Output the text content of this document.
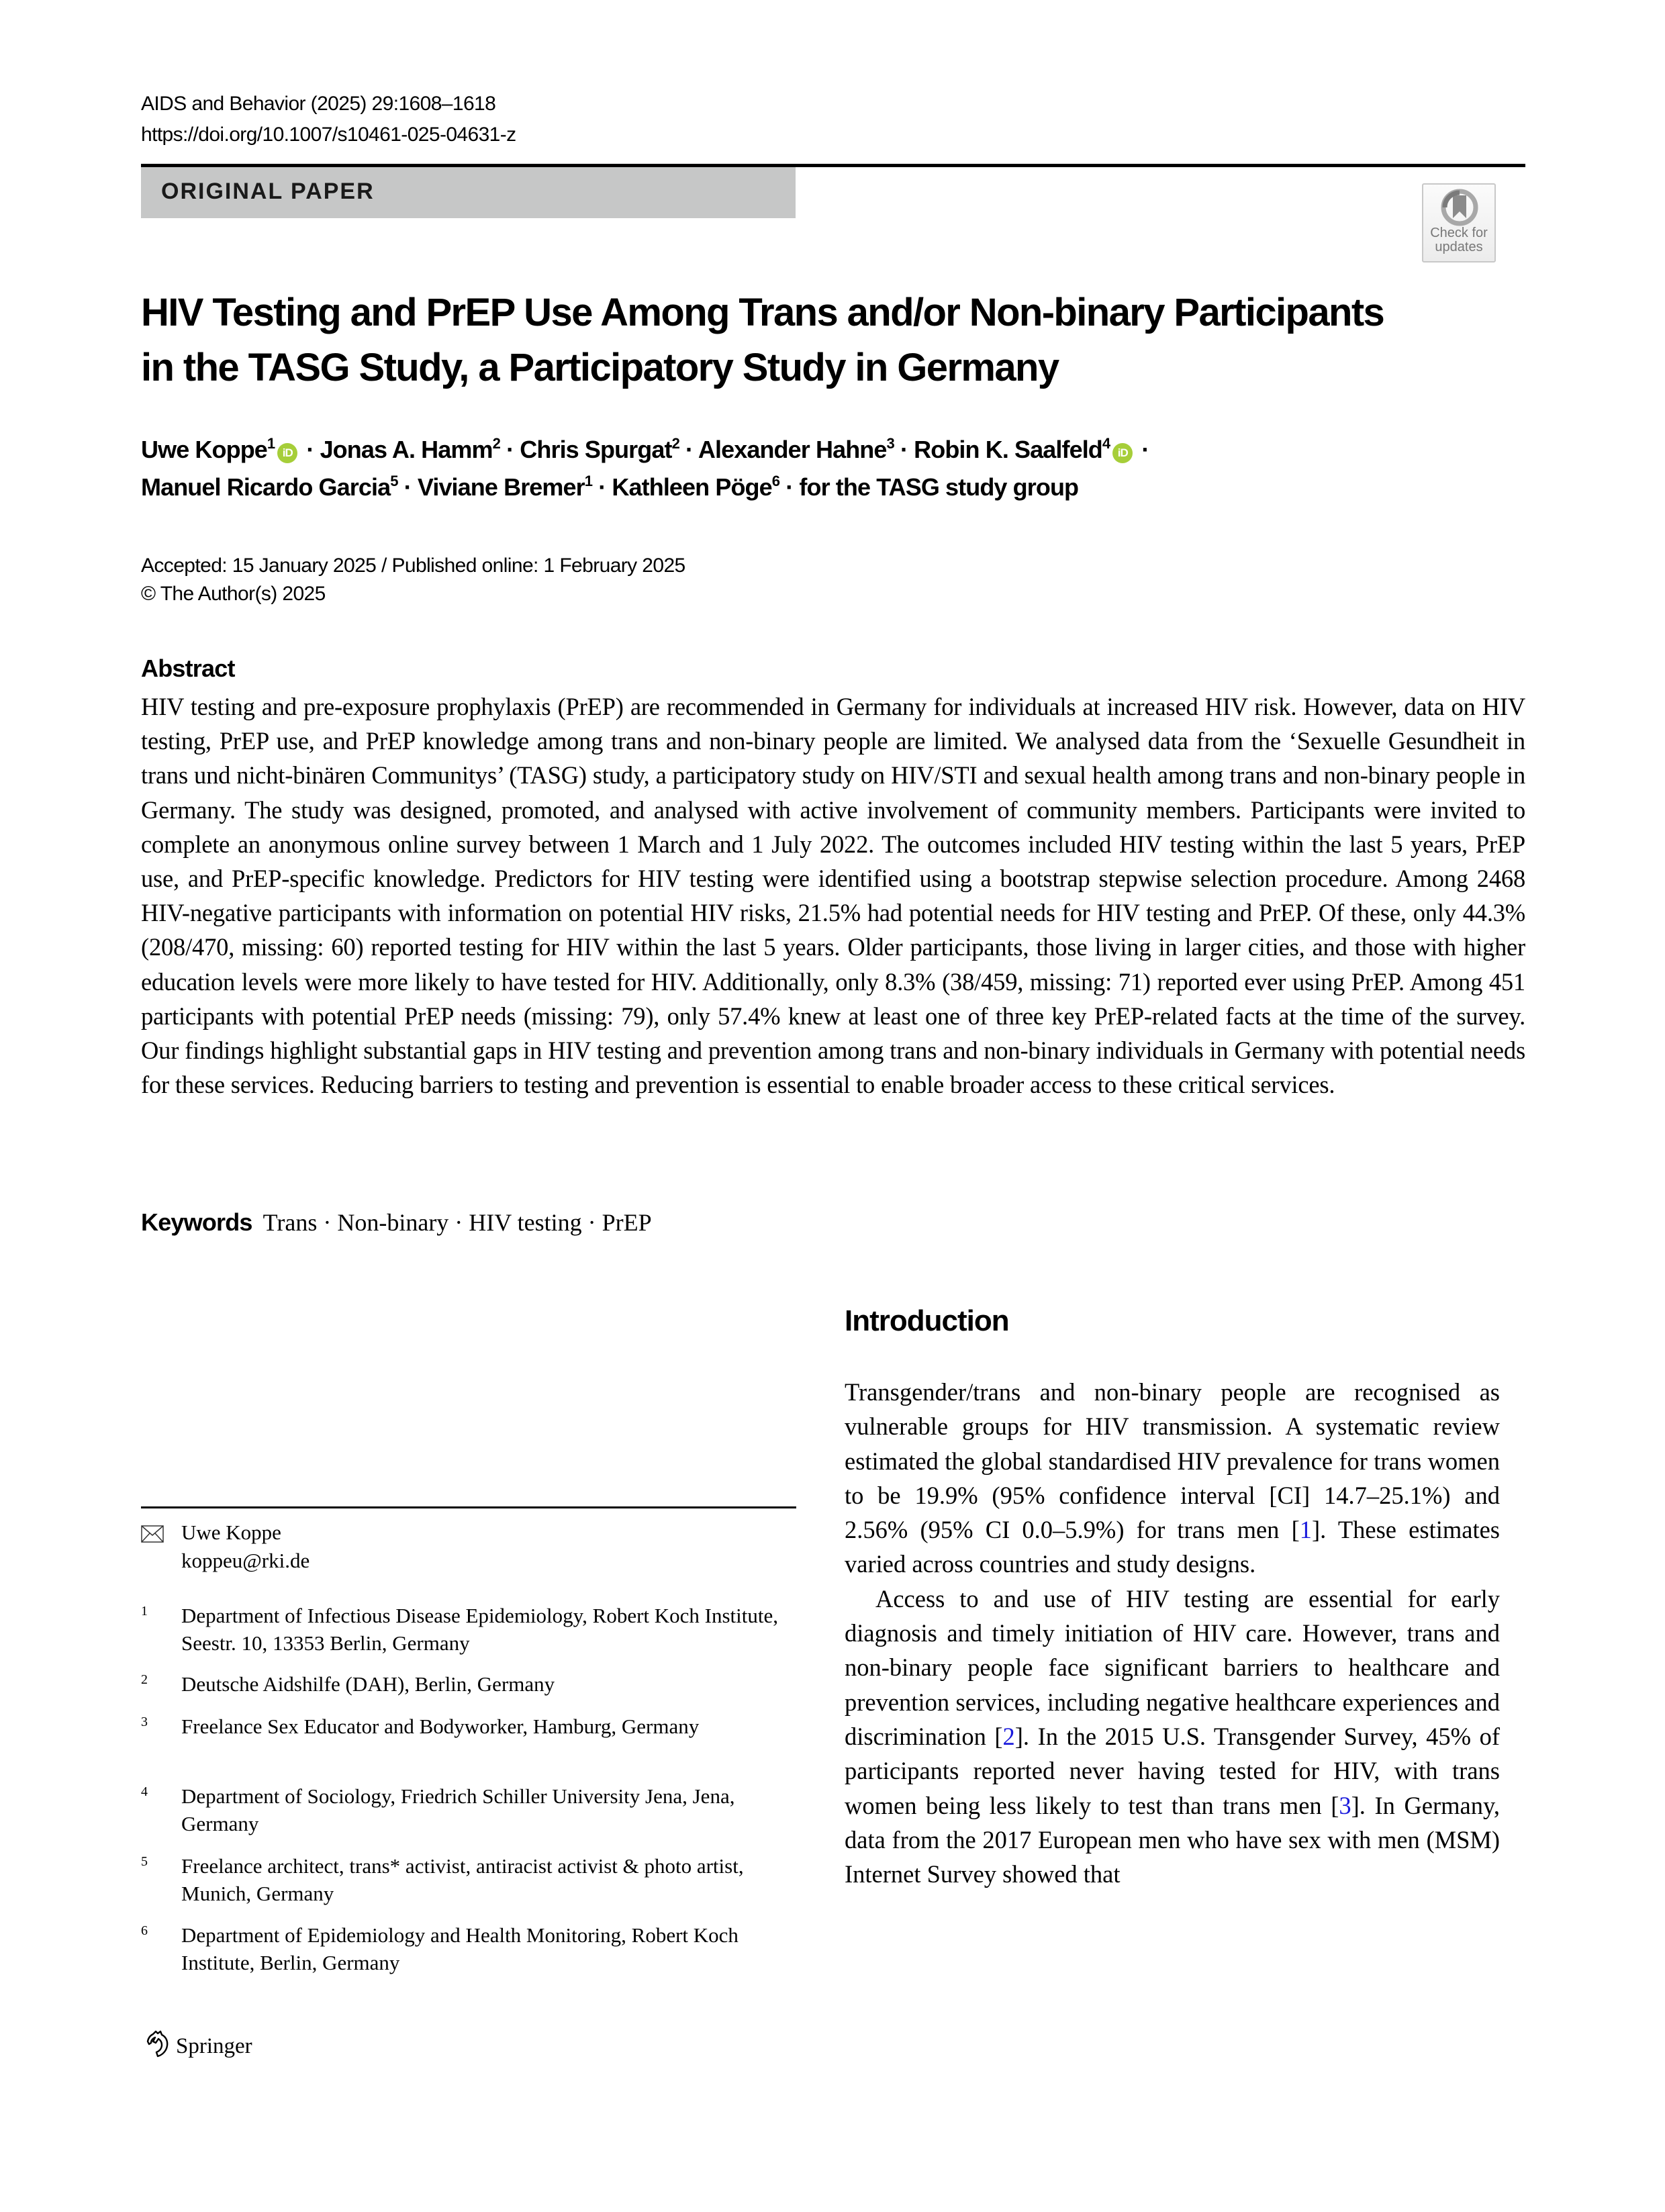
AIDS and Behavior (2025) 29:1608–1618
https://doi.org/10.1007/s10461-025-04631-z
ORIGINAL PAPER
Check for
updates
HIV Testing and PrEP Use Among Trans and/or Non-binary Participants
in the TASG Study, a Participatory Study in Germany
Uwe Koppe$^1$iD · Jonas A. Hamm$^2$ · Chris Spurgat$^2$ · Alexander Hahne$^3$ · Robin K. Saalfeld$^4$iD ·
Manuel Ricardo Garcia$^5$ · Viviane Bremer$^1$ · Kathleen Pöge$^6$ · for the TASG study group
Accepted: 15 January 2025 / Published online: 1 February 2025
© The Author(s) 2025
Abstract
HIV testing and pre-exposure prophylaxis (PrEP) are recommended in Germany for individuals at increased HIV risk. However, data on HIV testing, PrEP use, and PrEP knowledge among trans and non-binary people are limited. We analysed data from the ‘Sexuelle Gesundheit in trans und nicht-binären Communitys’ (TASG) study, a participatory study on HIV/STI and sexual health among trans and non-binary people in Germany. The study was designed, promoted, and analysed with active involvement of community members. Participants were invited to complete an anonymous online survey between 1 March and 1 July 2022. The outcomes included HIV testing within the last 5 years, PrEP use, and PrEP-specific knowledge. Predictors for HIV testing were identified using a bootstrap stepwise selection procedure. Among 2468 HIV-negative participants with information on potential HIV risks, 21.5% had potential needs for HIV testing and PrEP. Of these, only 44.3% (208/470, missing: 60) reported testing for HIV within the last 5 years. Older participants, those living in larger cities, and those with higher education levels were more likely to have tested for HIV. Additionally, only 8.3% (38/459, missing: 71) reported ever using PrEP. Among 451 participants with potential PrEP needs (missing: 79), only 57.4% knew at least one of three key PrEP-related facts at the time of the survey. Our findings highlight substantial gaps in HIV testing and prevention among trans and non-binary individuals in Germany with potential needs for these services. Reducing barriers to testing and prevention is essential to enable broader access to these critical services.
Keywords Trans · Non-binary · HIV testing · PrEP
Introduction

Transgender/trans and non-binary people are recognised as vulnerable groups for HIV transmission. A systematic review estimated the global standardised HIV prevalence for trans women to be 19.9% (95% confidence interval [CI] 14.7–25.1%) and 2.56% (95% CI 0.0–5.9%) for trans men [1]. These estimates varied across countries and study designs.

Access to and use of HIV testing are essential for early diagnosis and timely initiation of HIV care. However, trans and non-binary people face significant barriers to healthcare and prevention services, including negative healthcare experiences and discrimination [2]. In the 2015 U.S. Transgender Survey, 45% of participants reported never having tested for HIV, with trans women being less likely to test than trans men [3]. In Germany, data from the 2017 European men who have sex with men (MSM) Internet Survey showed that

Uwe Koppe
koppeu@rki.de
1 Department of Infectious Disease Epidemiology, Robert Koch Institute, Seestr. 10, 13353 Berlin, Germany
2 Deutsche Aidshilfe (DAH), Berlin, Germany
3 Freelance Sex Educator and Bodyworker, Hamburg, Germany
4 Department of Sociology, Friedrich Schiller University Jena, Jena, Germany
5 Freelance architect, trans* activist, antiracist activist & photo artist, Munich, Germany
6 Department of Epidemiology and Health Monitoring, Robert Koch Institute, Berlin, Germany
Springer
